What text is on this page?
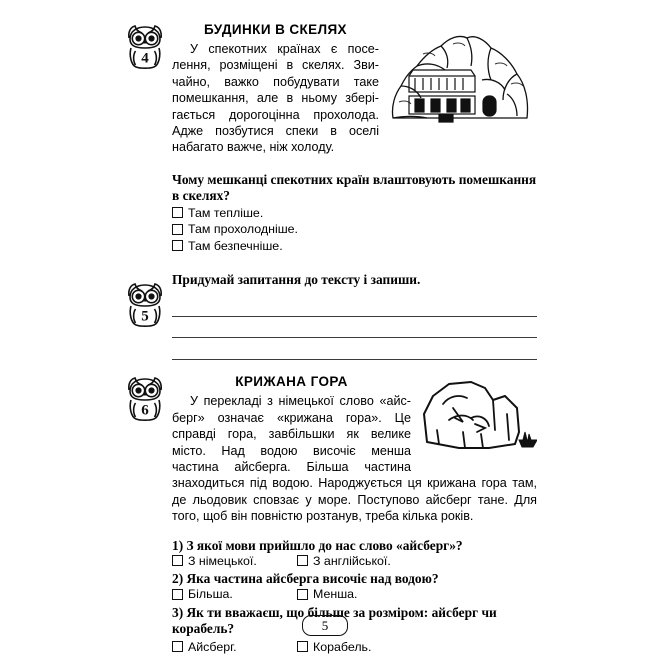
4
БУДИНКИ В СКЕЛЯХ

У спекотних країнах є поселення, розміщені в скелях. Звичайно, важко побудувати таке помешкання, але в ньому зберігається дорогоцінна прохолода. Адже позбутися спеки в оселі набагато важче, ніж холоду.

Чому мешканці спекотних країн влаштовують помешкання в скелях?

Там тепліше.
Там прохолодніше.
Там безпечніше.
5

Придумай запитання до тексту і запиши.

6
КРИЖАНА ГОРА

У перекладі з німецької слово «айсберг» означає «крижана гора». Це справді гора, завбільшки як велике місто. Над водою височіє менша частина айсберга. Більша частина знаходиться під водою. Народжується ця крижана гора там, де льодовик сповзає у море. Поступово айсберг тане. Для того, щоб він повністю розтанув, треба кілька років.

1) З якої мови прийшло до нас слово «айсберг»?

З німецької.	З англійської.

2) Яка частина айсберга височіє над водою?

Більша.	Менша.

3) Як ти вважаєш, що більше за розміром: айсберг чи корабель?

Айсберг.	Корабель.
5
